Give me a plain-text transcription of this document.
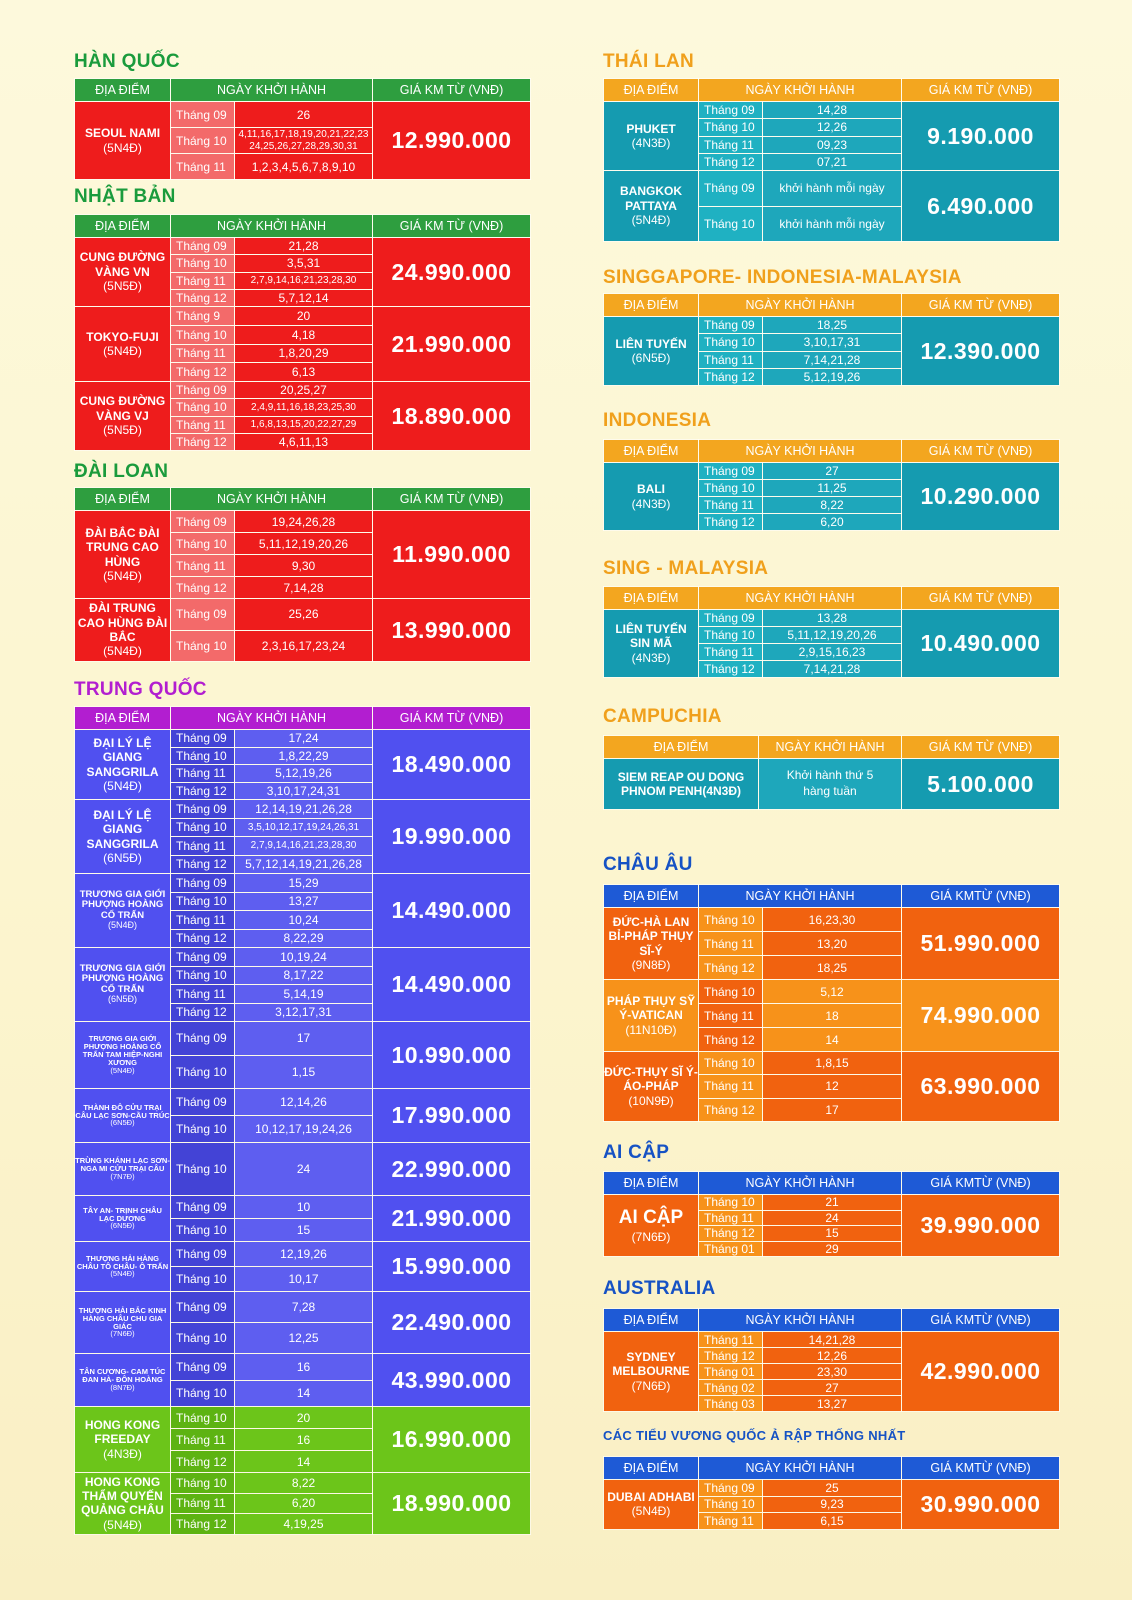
HÀN QUỐC
ĐỊA ĐIỂM	NGÀY KHỞI HÀNH		GIÁ KM TỪ (VNĐ)

SEOUL NAMI
(5N4Đ)	Tháng 09	26	12.990.000
	Tháng 10	4,11,16,17,18,19,20,21,22,23 24,25,26,27,28,29,30,31	
	Tháng 11	1,2,3,4,5,6,7,8,9,10	
NHẬT BẢN
ĐỊA ĐIỂM	NGÀY KHỞI HÀNH		GIÁ KM TỪ (VNĐ)

CUNG ĐƯỜNG VÀNG VN
(5N5Đ)	Tháng 09	21,28	24.990.000
	Tháng 10	3,5,31	
	Tháng 11	2,7,9,14,16,21,23,28,30	
	Tháng 12	5,7,12,14	

TOKYO-FUJI
(5N4Đ)	Tháng 9	20	21.990.000
	Tháng 10	4,18	
	Tháng 11	1,8,20,29	
	Tháng 12	6,13	

CUNG ĐƯỜNG VÀNG VJ
(5N5Đ)	Tháng 09	20,25,27	18.890.000
	Tháng 10	2,4,9,11,16,18,23,25,30	
	Tháng 11	1,6,8,13,15,20,22,27,29	
	Tháng 12	4,6,11,13	
ĐÀI LOAN
ĐỊA ĐIỂM	NGÀY KHỞI HÀNH		GIÁ KM TỪ (VNĐ)

ĐÀI BẮC ĐÀI TRUNG CAO HÙNG
(5N4Đ)	Tháng 09	19,24,26,28	11.990.000
	Tháng 10	5,11,12,19,20,26	
	Tháng 11	9,30	
	Tháng 12	7,14,28	

ĐÀI TRUNG CAO HÙNG ĐÀI BẮC
(5N4Đ)	Tháng 09	25,26	13.990.000
	Tháng 10	2,3,16,17,23,24	
TRUNG QUỐC
ĐỊA ĐIỂM	NGÀY KHỞI HÀNH		GIÁ KM TỪ (VNĐ)

ĐẠI LÝ LỆ GIANG SANGGRILA
(5N4Đ)	Tháng 09	17,24	18.490.000
	Tháng 10	1,8,22,29	
	Tháng 11	5,12,19,26	
	Tháng 12	3,10,17,24,31	

ĐẠI LÝ LỆ GIANG SANGGRILA
(6N5Đ)	Tháng 09	12,14,19,21,26,28	19.990.000
	Tháng 10	3,5,10,12,17,19,24,26,31	
	Tháng 11	2,7,9,14,16,21,23,28,30	
	Tháng 12	5,7,12,14,19,21,26,28	

TRƯƠNG GIA GIỚI PHƯỢNG HOÀNG CỔ TRẤN
(5N4Đ)	Tháng 09	15,29	14.490.000
	Tháng 10	13,27	
	Tháng 11	10,24	
	Tháng 12	8,22,29	

TRƯƠNG GIA GIỚI PHƯỢNG HOÀNG CỔ TRẤN
(6N5Đ)	Tháng 09	10,19,24	14.490.000
	Tháng 10	8,17,22	
	Tháng 11	5,14,19	
	Tháng 12	3,12,17,31	

TRƯƠNG GIA GIỚI PHƯỢNG HOÀNG CỔ TRẤN TAM HIỆP-NGHI XƯƠNG
(5N4Đ)	Tháng 09	17	10.990.000
	Tháng 10	1,15	

THÀNH ĐÔ CỬU TRẠI CÂU LẠC SƠN-CẦU TRÚC
(6N5Đ)	Tháng 09	12,14,26	17.990.000
	Tháng 10	10,12,17,19,24,26	

TRÙNG KHÁNH LẠC SƠN- NGA MI CỬU TRẠI CÂU
(7N7Đ)	Tháng 10	24	22.990.000

TÂY AN- TRỊNH CHÂU LẠC DƯƠNG
(6N5Đ)	Tháng 09	10	21.990.000
	Tháng 10	15	

THƯỢNG HẢI HÀNG CHÂU TÔ CHÂU- Ô TRẤN
(5N4Đ)	Tháng 09	12,19,26	15.990.000
	Tháng 10	10,17	

THƯỢNG HẢI BẮC KINH HÀNG CHÂU CHU GIA GIÁC
(7N6Đ)	Tháng 09	7,28	22.490.000
	Tháng 10	12,25	

TÂN CƯƠNG- CAM TÚC ĐAN HÀ- ĐÔN HOÀNG
(8N7Đ)	Tháng 09	16	43.990.000
	Tháng 10	14	

HONG KONG FREEDAY
(4N3Đ)	Tháng 10	20	16.990.000
	Tháng 11	16	
	Tháng 12	14	

HONG KONG THẨM QUYẾN QUẢNG CHÂU
(5N4Đ)	Tháng 10	8,22	18.990.000
	Tháng 11	6,20	
	Tháng 12	4,19,25	
THÁI LAN
ĐỊA ĐIỂM	NGÀY KHỞI HÀNH		GIÁ KM TỪ (VNĐ)

PHUKET
(4N3Đ)	Tháng 09	14,28	9.190.000
	Tháng 10	12,26	
	Tháng 11	09,23	
	Tháng 12	07,21	

BANGKOK PATTAYA
(5N4Đ)	Tháng 09	khởi hành mỗi ngày	6.490.000
	Tháng 10	khởi hành mỗi ngày	
SINGGAPORE- INDONESIA-MALAYSIA
ĐỊA ĐIỂM	NGÀY KHỞI HÀNH		GIÁ KM TỪ (VNĐ)

LIÊN TUYẾN
(6N5Đ)	Tháng 09	18,25	12.390.000
	Tháng 10	3,10,17,31	
	Tháng 11	7,14,21,28	
	Tháng 12	5,12,19,26	
INDONESIA
ĐỊA ĐIỂM	NGÀY KHỞI HÀNH		GIÁ KM TỪ (VNĐ)

BALI
(4N3Đ)	Tháng 09	27	10.290.000
	Tháng 10	11,25	
	Tháng 11	8,22	
	Tháng 12	6,20	
SING - MALAYSIA
ĐỊA ĐIỂM	NGÀY KHỞI HÀNH		GIÁ KM TỪ (VNĐ)

LIÊN TUYẾN SIN MÃ
(4N3Đ)	Tháng 09	13,28	10.490.000
	Tháng 10	5,11,12,19,20,26	
	Tháng 11	2,9,15,16,23	
	Tháng 12	7,14,21,28	
CAMPUCHIA
ĐỊA ĐIỂM	NGÀY KHỞI HÀNH	GIÁ KM TỪ (VNĐ)
SIEM REAP OU DONG PHNOM PENH(4N3Đ)	Khởi hành thứ 5 hàng tuần	5.100.000
CHÂU ÂU
ĐỊA ĐIỂM	NGÀY KHỞI HÀNH		GIÁ KMTỪ (VNĐ)

ĐỨC-HÀ LAN BỈ-PHÁP THỤY SĨ-Ý
(9N8Đ)	Tháng 10	16,23,30	51.990.000
	Tháng 11	13,20	
	Tháng 12	18,25	

PHÁP THỤY SỸ Ý-VATICAN
(11N10Đ)	Tháng 10	5,12	74.990.000
	Tháng 11	18	
	Tháng 12	14	

ĐỨC-THỤY SĨ Ý-ÁO-PHÁP
(10N9Đ)	Tháng 10	1,8,15	63.990.000
	Tháng 11	12	
	Tháng 12	17	
AI CẬP
ĐỊA ĐIỂM	NGÀY KHỞI HÀNH		GIÁ KMTỪ (VNĐ)

AI CẬP
(7N6Đ)	Tháng 10	21	39.990.000
	Tháng 11	24	
	Tháng 12	15	
	Tháng 01	29	
AUSTRALIA
ĐỊA ĐIỂM	NGÀY KHỞI HÀNH		GIÁ KMTỪ (VNĐ)

SYDNEY MELBOURNE
(7N6Đ)	Tháng 11	14,21,28	42.990.000
	Tháng 12	12,26	
	Tháng 01	23,30	
	Tháng 02	27	
	Tháng 03	13,27	
CÁC TIỂU VƯƠNG QUỐC Ả RẬP THỐNG NHẤT
ĐỊA ĐIỂM	NGÀY KHỞI HÀNH		GIÁ KMTỪ (VNĐ)

DUBAI ADHABI
(5N4Đ)	Tháng 09	25	30.990.000
	Tháng 10	9,23	
	Tháng 11	6,15	
